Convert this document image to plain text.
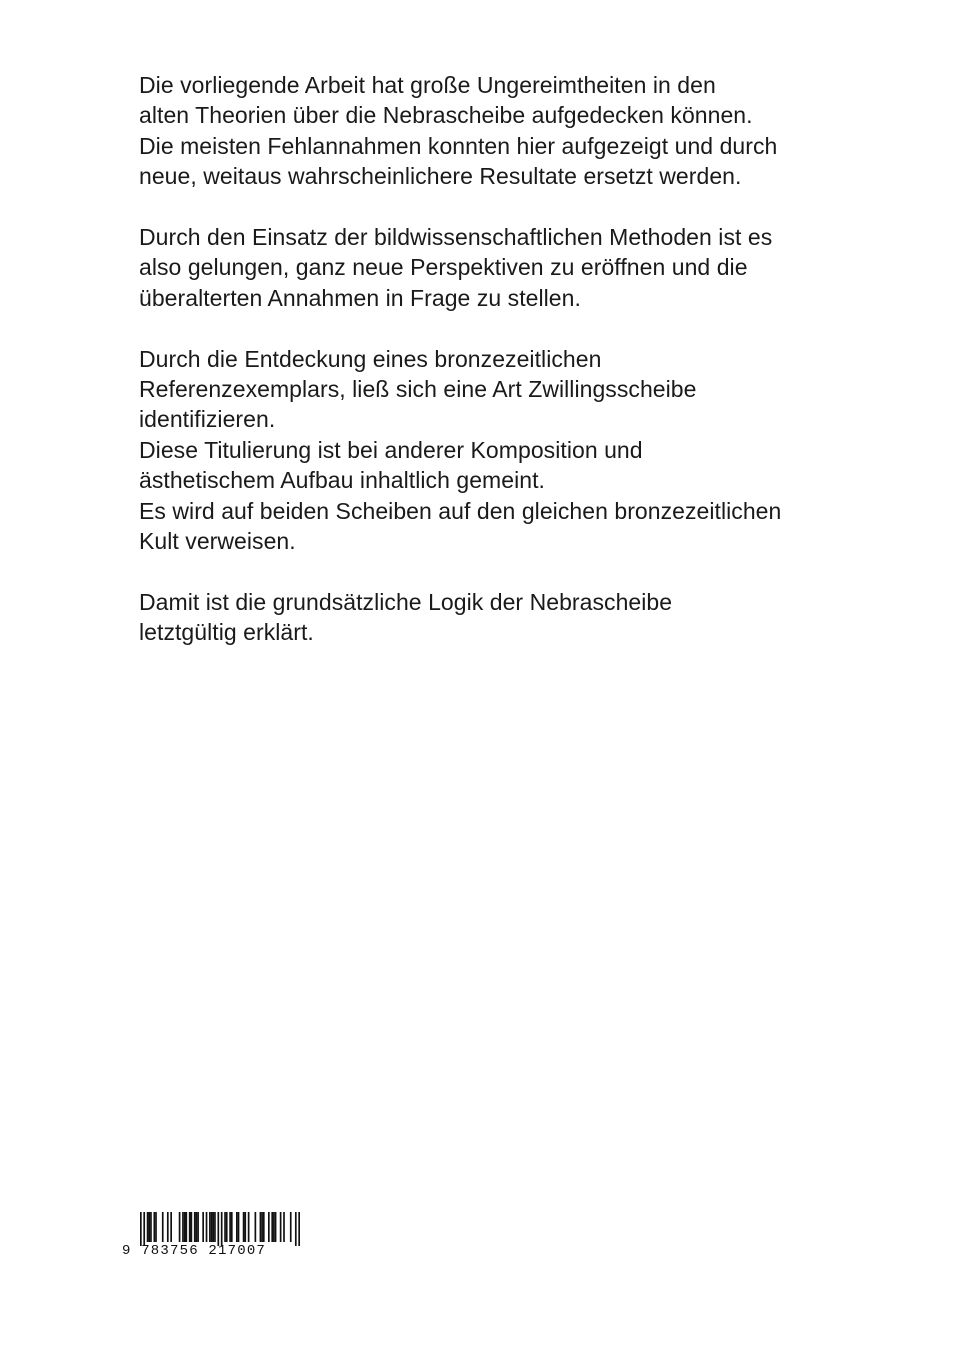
Die vorliegende Arbeit hat große Ungereimtheiten in den
alten Theorien über die Nebrascheibe aufgedecken können.
Die meisten Fehlannahmen konnten hier aufgezeigt und durch
neue, weitaus wahrscheinlichere Resultate ersetzt werden.

Durch den Einsatz der bildwissenschaftlichen Methoden ist es
also gelungen, ganz neue Perspektiven zu eröffnen und die
überalterten Annahmen in Frage zu stellen.

Durch die Entdeckung eines bronzezeitlichen
Referenzexemplars, ließ sich eine Art Zwillingsscheibe
identifizieren.
Diese Titulierung ist bei anderer Komposition und
ästhetischem Aufbau inhaltlich gemeint.
Es wird auf beiden Scheiben auf den gleichen bronzezeitlichen
Kult verweisen.

Damit ist die grundsätzliche Logik der Nebrascheibe
letztgültig erklärt.

9 783756 217007
